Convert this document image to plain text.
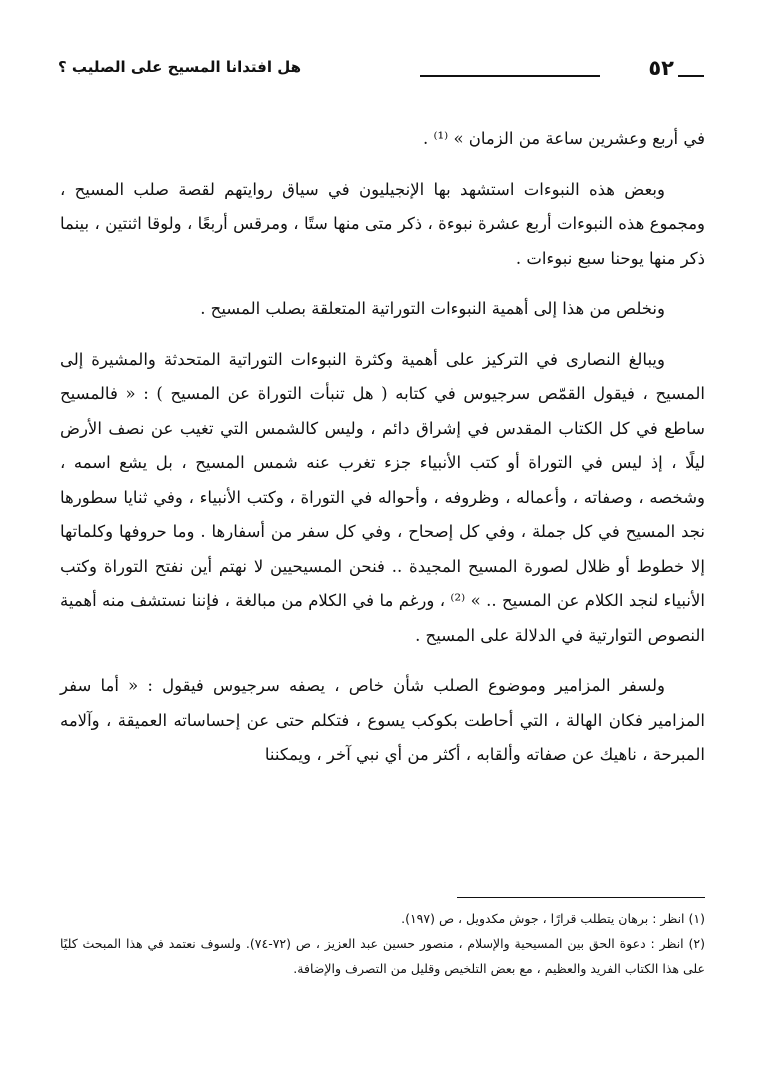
٥٢
هل افتدانا المسيح على الصليب ؟

في أربع وعشرين ساعة من الزمان » ⁽¹⁾ .

وبعض هذه النبوءات استشهد بها الإنجيليون في سياق روايتهم لقصة صلب المسيح ، ومجموع هذه النبوءات أربع عشرة نبوءة ، ذكر متى منها ستًا ، ومرقس أربعًا ، ولوقا اثنتين ، بينما ذكر منها يوحنا سبع نبوءات .

ونخلص من هذا إلى أهمية النبوءات التوراتية المتعلقة بصلب المسيح .

ويبالغ النصارى في التركيز على أهمية وكثرة النبوءات التوراتية المتحدثة والمشيرة إلى المسيح ، فيقول القمّص سرجيوس في كتابه ( هل تنبأت التوراة عن المسيح ) : « فالمسيح ساطع في كل الكتاب المقدس في إشراق دائم ، وليس كالشمس التي تغيب عن نصف الأرض ليلًا ، إذ ليس في التوراة أو كتب الأنبياء جزء تغرب عنه شمس المسيح ، بل يشع اسمه ، وشخصه ، وصفاته ، وأعماله ، وظروفه ، وأحواله في التوراة ، وكتب الأنبياء ، وفي ثنايا سطورها نجد المسيح في كل جملة ، وفي كل إصحاح ، وفي كل سفر من أسفارها . وما حروفها وكلماتها إلا خطوط أو ظلال لصورة المسيح المجيدة .. فنحن المسيحيين لا نهتم أين نفتح التوراة وكتب الأنبياء لنجد الكلام عن المسيح .. » ⁽²⁾ ، ورغم ما في الكلام من مبالغة ، فإننا نستشف منه أهمية النصوص التوارتية في الدلالة على المسيح .

ولسفر المزامير وموضوع الصلب شأن خاص ، يصفه سرجيوس فيقول : « أما سفر المزامير فكان الهالة ، التي أحاطت بكوكب يسوع ، فتكلم حتى عن إحساساته العميقة ، وآلامه المبرحة ، ناهيك عن صفاته وألقابه ، أكثر من أي نبي آخر ، ويمكننا

(١) انظر : برهان يتطلب قرارًا ، جوش مكدويل ، ص (١٩٧).

(٢) انظر : دعوة الحق بين المسيحية والإسلام ، منصور حسين عبد العزيز ، ص (٧٢-٧٤). ولسوف نعتمد في هذا المبحث كليًا على هذا الكتاب الفريد والعظيم ، مع بعض التلخيص وقليل من التصرف والإضافة.
